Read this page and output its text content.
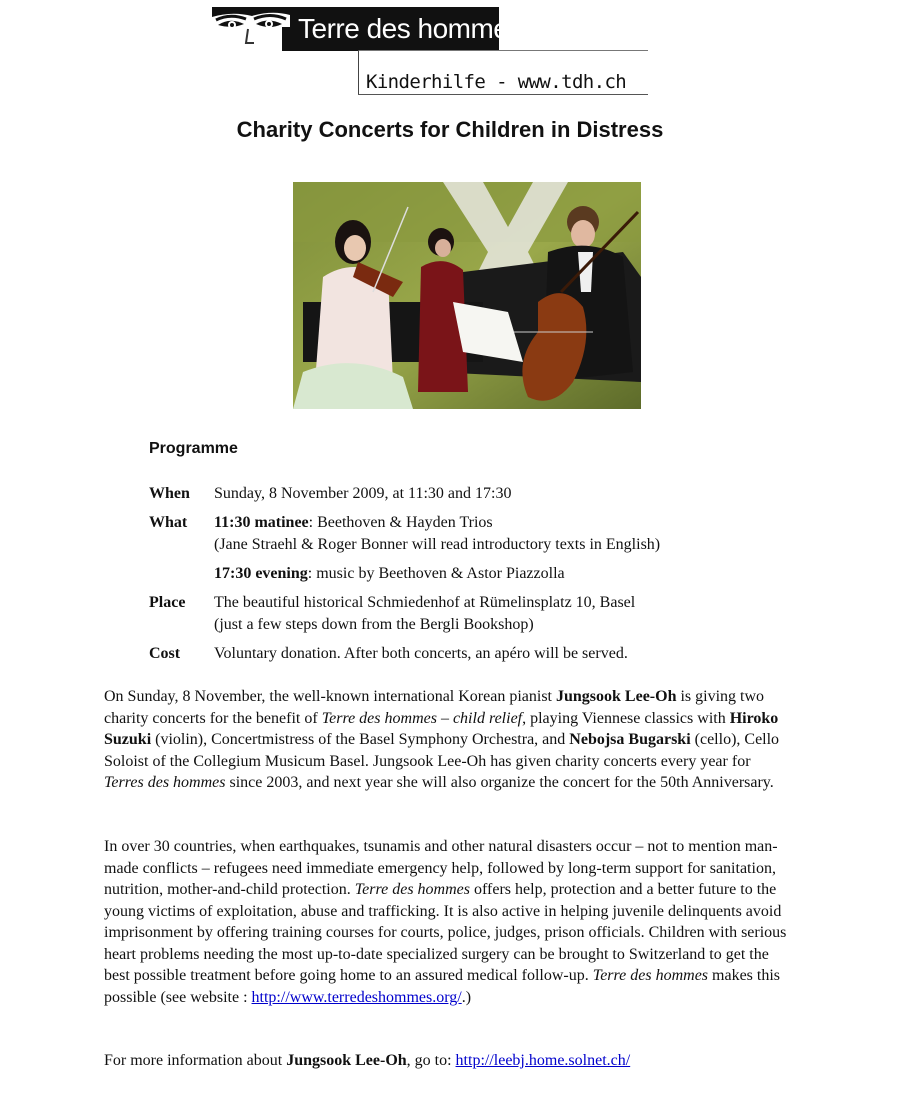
Terre des hommes
Kinderhilfe - www.tdh.ch
Charity Concerts for Children in Distress
Programme
When	Sunday, 8 November 2009, at 11:30 and 17:30
What	11:30 matinee: Beethoven & Hayden Trios
(Jane Straehl & Roger Bonner will read introductory texts in English)
17:30 evening: music by Beethoven & Astor Piazzolla
Place	The beautiful historical Schmiedenhof at Rümelinsplatz 10, Basel
(just a few steps down from the Bergli Bookshop)
Cost	Voluntary donation. After both concerts, an apéro will be served.
On Sunday, 8 November, the well-known international Korean pianist Jungsook Lee-Oh is giving two charity concerts for the benefit of Terre des hommes – child relief, playing Viennese classics with Hiroko Suzuki (violin), Concertmistress of the Basel Symphony Orchestra, and Nebojsa Bugarski (cello), Cello Soloist of the Collegium Musicum Basel. Jungsook Lee-Oh has given charity concerts every year for Terres des hommes since 2003, and next year she will also organize the concert for the 50th Anniversary.
In over 30 countries, when earthquakes, tsunamis and other natural disasters occur – not to mention man-made conflicts – refugees need immediate emergency help, followed by long-term support for sanitation, nutrition, mother-and-child protection. Terre des hommes offers help, protection and a better future to the young victims of exploitation, abuse and trafficking. It is also active in helping juvenile delinquents avoid imprisonment by offering training courses for courts, police, judges, prison officials. Children with serious heart problems needing the most up-to-date specialized surgery can be brought to Switzerland to get the best possible treatment before going home to an assured medical follow-up. Terre des hommes makes this possible (see website : http://www.terredeshommes.org/.)
For more information about Jungsook Lee-Oh, go to: http://leebj.home.solnet.ch/
